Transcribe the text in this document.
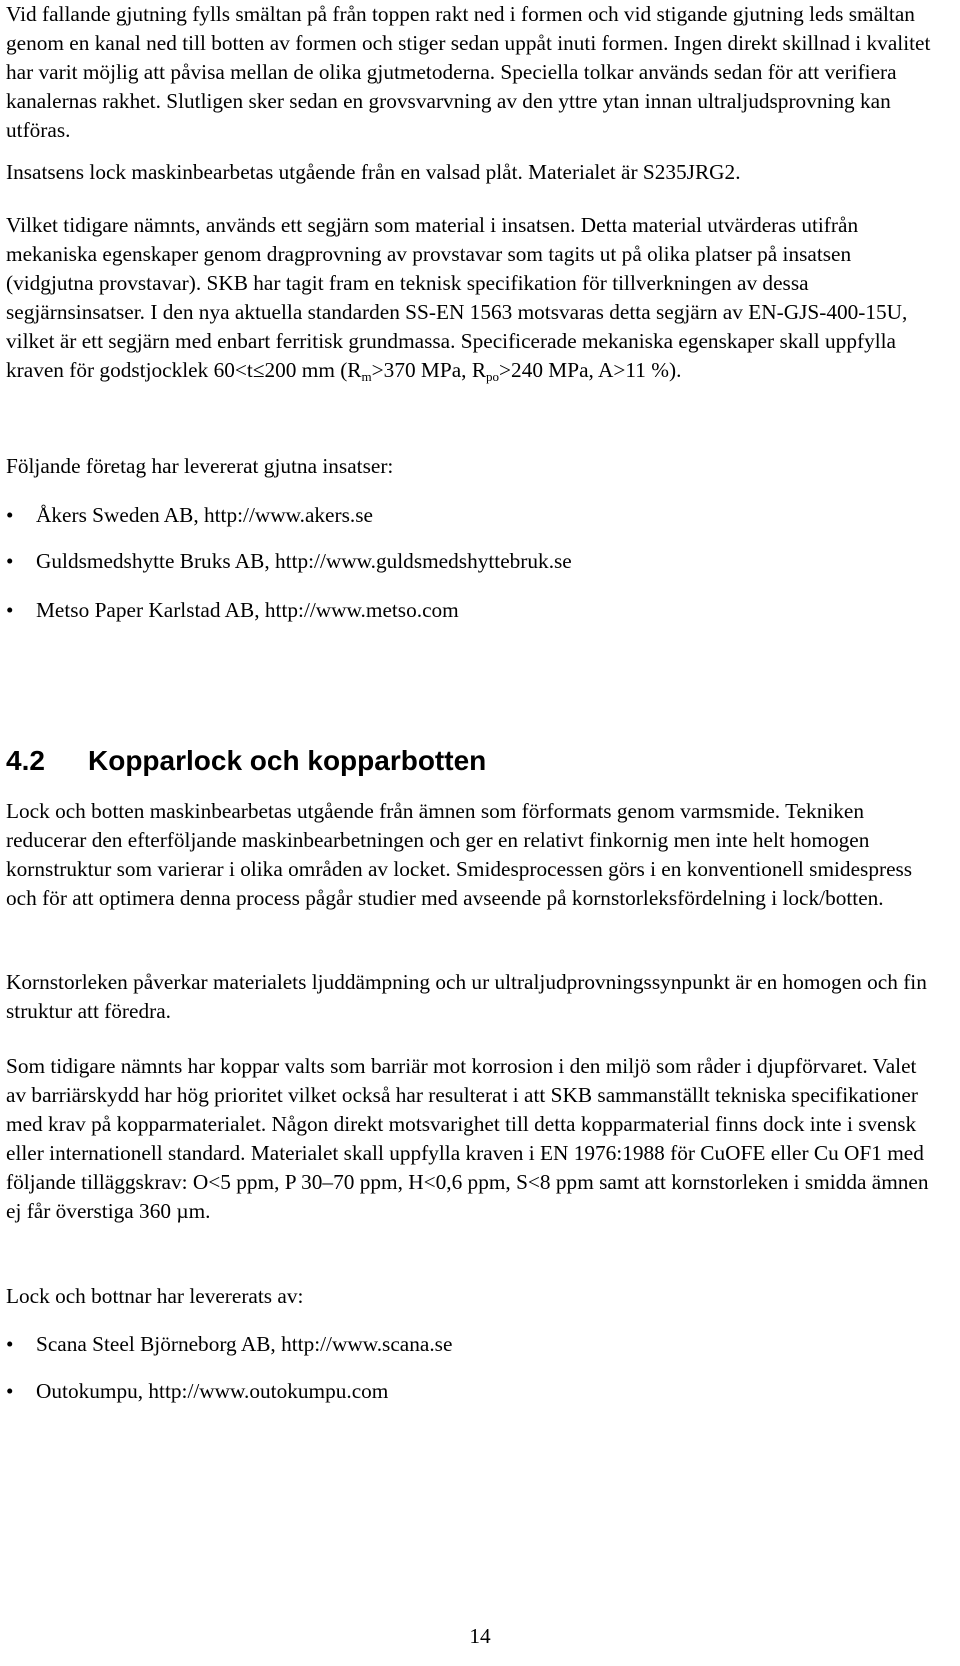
Vid fallande gjutning fylls smältan på från toppen rakt ned i formen och vid stigande gjutning leds smältan genom en kanal ned till botten av formen och stiger sedan uppåt inuti formen. Ingen direkt skillnad i kvalitet har varit möjlig att påvisa mellan de olika gjutmetoderna. Speciella tolkar används sedan för att verifiera kanalernas rakhet. Slutligen sker sedan en grovsvarvning av den yttre ytan innan ultraljudsprovning kan utföras.

Insatsens lock maskinbearbetas utgående från en valsad plåt. Materialet är S235JRG2.

Vilket tidigare nämnts, används ett segjärn som material i insatsen. Detta material utvärderas utifrån mekaniska egenskaper genom dragprovning av provstavar som tagits ut på olika platser på insatsen (vidgjutna provstavar). SKB har tagit fram en teknisk specifikation för tillverkningen av dessa segjärnsinsatser. I den nya aktuella standarden SS-EN 1563 motsvaras detta segjärn av EN-GJS-400-15U, vilket är ett segjärn med enbart ferritisk grundmassa. Specificerade mekaniska egenskaper skall uppfylla kraven för godstjocklek 60<t≤200 mm (Rm>370 MPa, Rpo>240 MPa, A>11 %).

Följande företag har levererat gjutna insatser:

•	Åkers Sweden AB, http://www.akers.se
•	Guldsmedshytte Bruks AB, http://www.guldsmedshyttebruk.se
•	Metso Paper Karlstad AB, http://www.metso.com
4.2 Kopparlock och kopparbotten

Lock och botten maskinbearbetas utgående från ämnen som förformats genom varmsmide. Tekniken reducerar den efterföljande maskinbearbetningen och ger en relativt finkornig men inte helt homogen kornstruktur som varierar i olika områden av locket. Smidesprocessen görs i en konventionell smidespress och för att optimera denna process pågår studier med avseende på kornstorleksfördelning i lock/botten.

Kornstorleken påverkar materialets ljuddämpning och ur ultraljudprovningssynpunkt är en homogen och fin struktur att föredra.

Som tidigare nämnts har koppar valts som barriär mot korrosion i den miljö som råder i djupförvaret. Valet av barriärskydd har hög prioritet vilket också har resulterat i att SKB sammanställt tekniska specifikationer med krav på kopparmaterialet. Någon direkt motsvarighet till detta kopparmaterial finns dock inte i svensk eller internationell standard. Materialet skall uppfylla kraven i EN 1976:1988 för CuOFE eller Cu OF1 med följande tilläggskrav: O<5 ppm, P 30–70 ppm, H<0,6 ppm, S<8 ppm samt att kornstorleken i smidda ämnen ej får överstiga 360 µm.

Lock och bottnar har levererats av:

•	Scana Steel Björneborg AB, http://www.scana.se
•	Outokumpu, http://www.outokumpu.com
14
